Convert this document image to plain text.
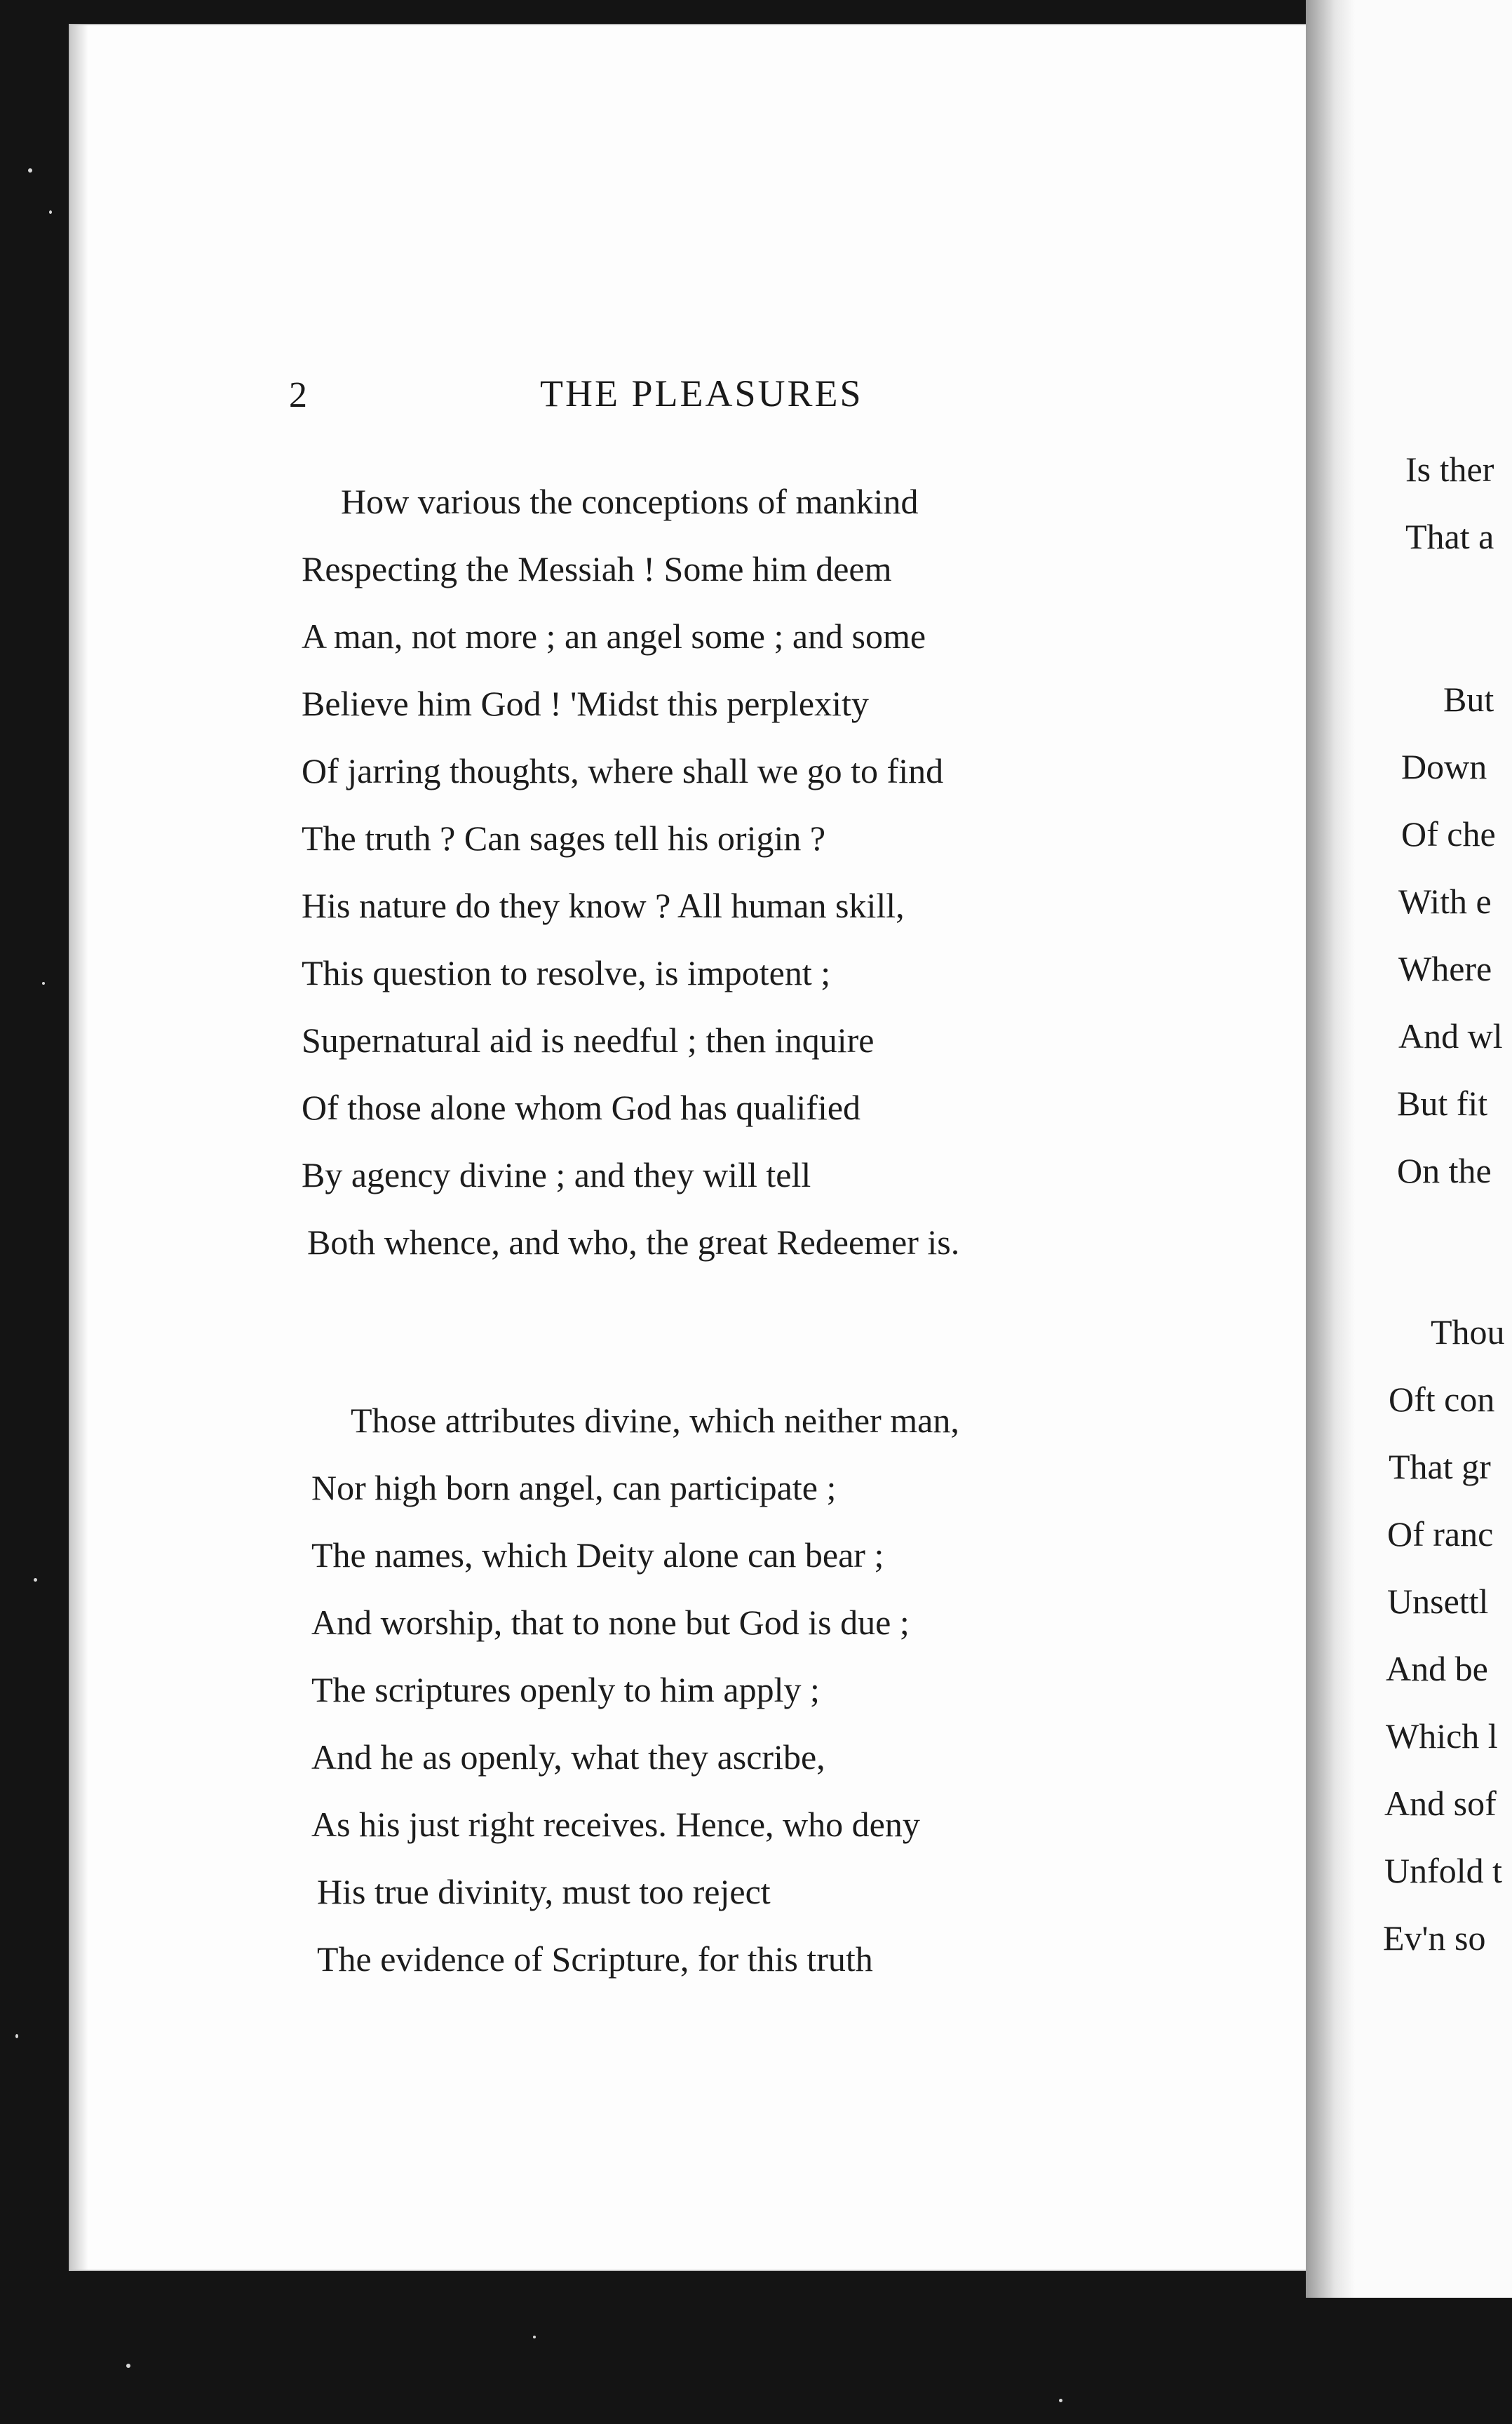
2	THE PLEASURES
How various the conceptions of mankind
Respecting the Messiah ! Some him deem
A man, not more ; an angel some ; and some
Believe him God ! 'Midst this perplexity
Of jarring thoughts, where shall we go to find
The truth ? Can sages tell his origin ?
His nature do they know ? All human skill,
This question to resolve, is impotent ;
Supernatural aid is needful ; then inquire
Of those alone whom God has qualified
By agency divine ; and they will tell
Both whence, and who, the great Redeemer is.
Those attributes divine, which neither man,
Nor high born angel, can participate ;
The names, which Deity alone can bear ;
And worship, that to none but God is due ;
The scriptures openly to him apply ;
And he as openly, what they ascribe,
As his just right receives. Hence, who deny
His true divinity, must too reject
The evidence of Scripture, for this truth
Is ther
That a
But
Down
Of che
With e
Where
And wl
But fit
On the
Thou
Oft con
That gr
Of ranc
Unsettl
And be
Which l
And sof
Unfold t
Ev'n so
